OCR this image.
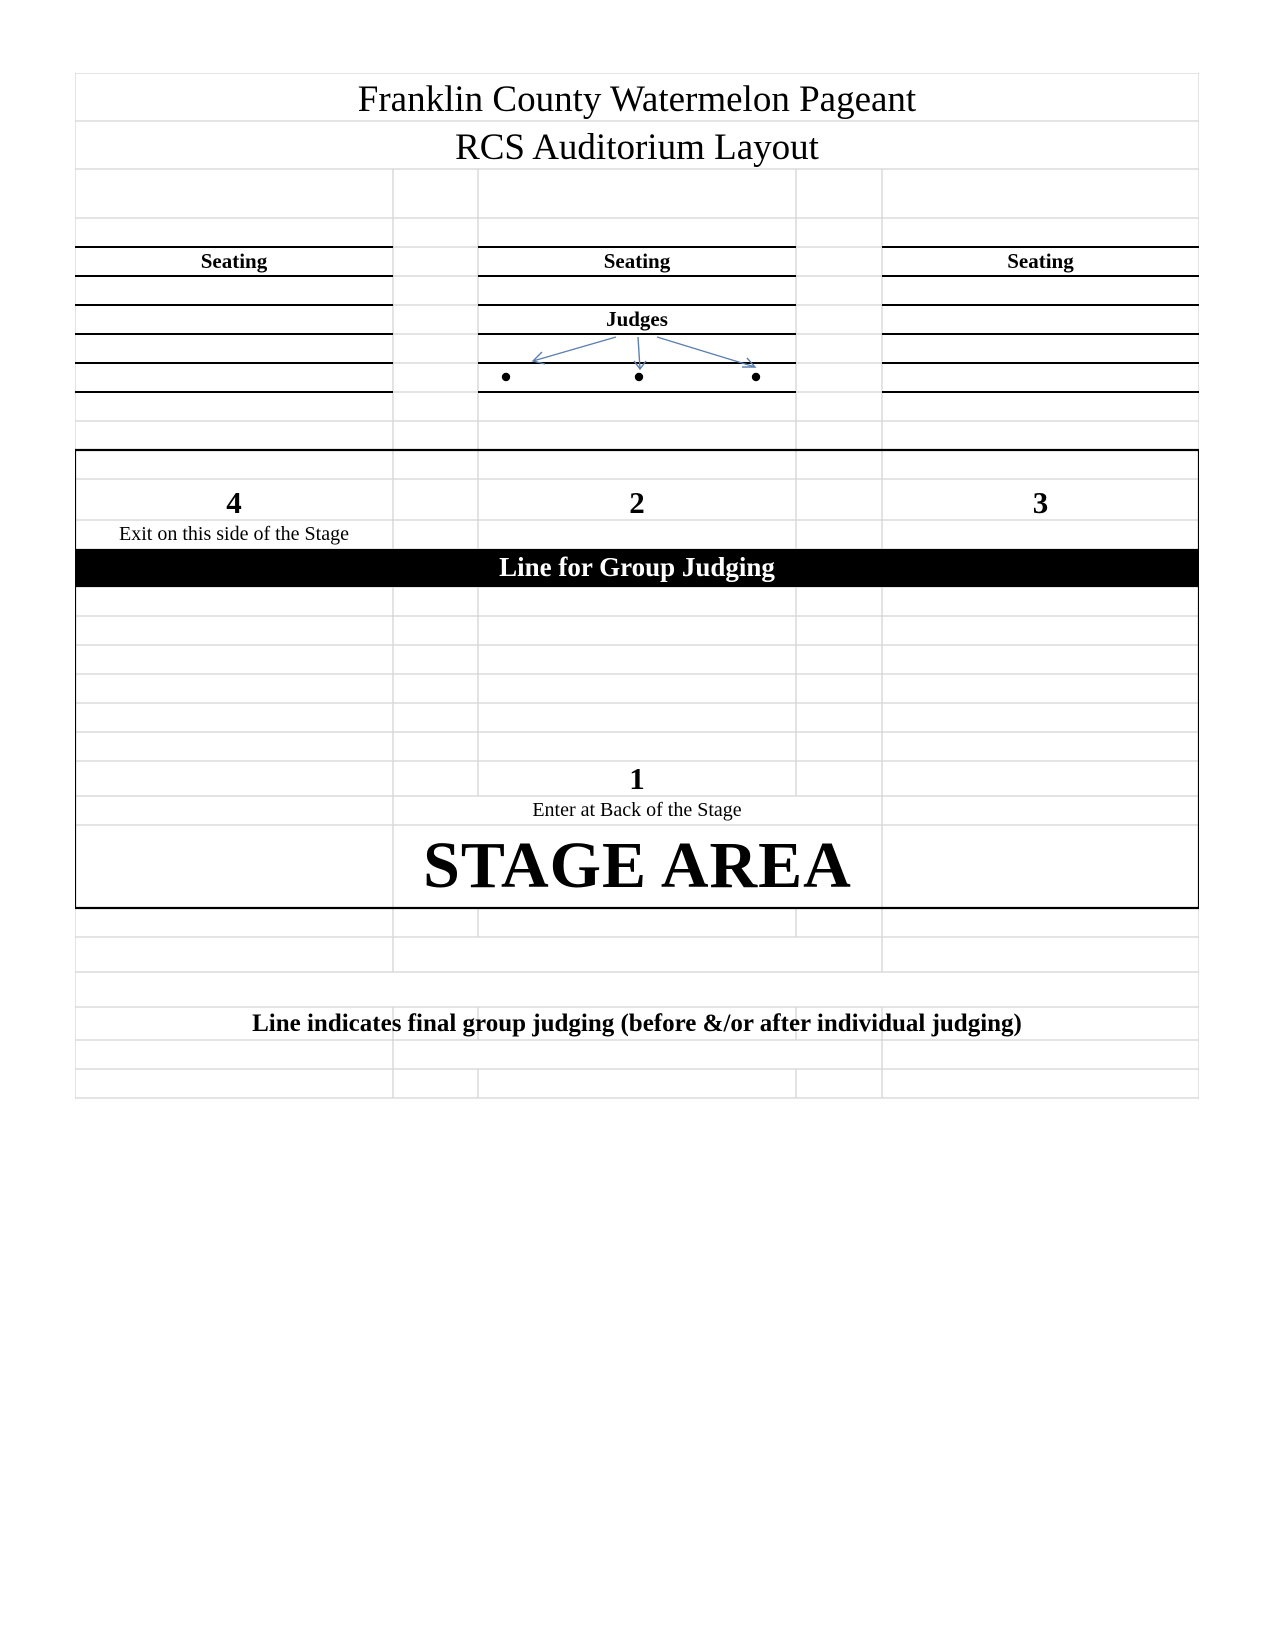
Franklin County Watermelon Pageant
RCS Auditorium Layout
Seating	Seating	Seating
Judges
4	2	3
Exit on this side of the Stage
Line for Group Judging
1
Enter at Back of the Stage
STAGE AREA
Line indicates final group judging (before &/or after individual judging)
